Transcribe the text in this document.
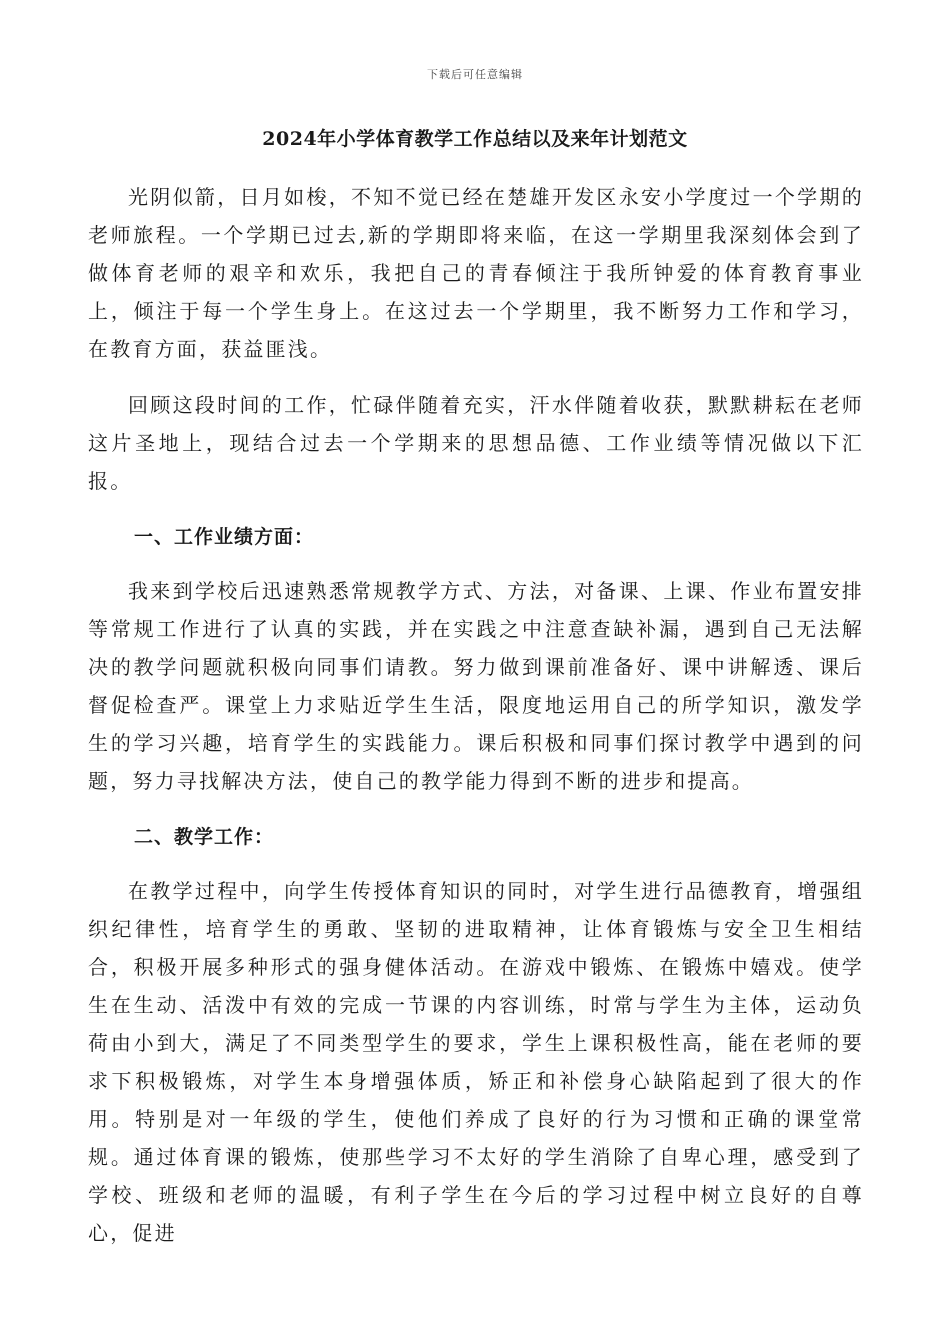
下载后可任意编辑
2024年小学体育教学工作总结以及来年计划范文

光阴似箭，日月如梭，不知不觉已经在楚雄开发区永安小学度过一个学期的老师旅程。一个学期已过去,新的学期即将来临，在这一学期里我深刻体会到了做体育老师的艰辛和欢乐，我把自己的青春倾注于我所钟爱的体育教育事业上，倾注于每一个学生身上。在这过去一个学期里，我不断努力工作和学习，在教育方面，获益匪浅。

回顾这段时间的工作，忙碌伴随着充实，汗水伴随着收获，默默耕耘在老师这片圣地上，现结合过去一个学期来的思想品德、工作业绩等情况做以下汇报。

一、工作业绩方面：

我来到学校后迅速熟悉常规教学方式、方法，对备课、上课、作业布置安排等常规工作进行了认真的实践，并在实践之中注意查缺补漏，遇到自己无法解决的教学问题就积极向同事们请教。努力做到课前准备好、课中讲解透、课后督促检查严。课堂上力求贴近学生生活，限度地运用自己的所学知识，激发学生的学习兴趣，培育学生的实践能力。课后积极和同事们探讨教学中遇到的问题，努力寻找解决方法，使自己的教学能力得到不断的进步和提高。

二、教学工作：

在教学过程中，向学生传授体育知识的同时，对学生进行品德教育，增强组织纪律性，培育学生的勇敢、坚韧的进取精神，让体育锻炼与安全卫生相结合，积极开展多种形式的强身健体活动。在游戏中锻炼、在锻炼中嬉戏。使学生在生动、活泼中有效的完成一节课的内容训练，时常与学生为主体，运动负荷由小到大，满足了不同类型学生的要求，学生上课积极性高，能在老师的要求下积极锻炼，对学生本身增强体质，矫正和补偿身心缺陷起到了很大的作用。特别是对一年级的学生，使他们养成了良好的行为习惯和正确的课堂常规。通过体育课的锻炼，使那些学习不太好的学生消除了自卑心理，感受到了学校、班级和老师的温暖，有利子学生在今后的学习过程中树立良好的自尊心，促进
